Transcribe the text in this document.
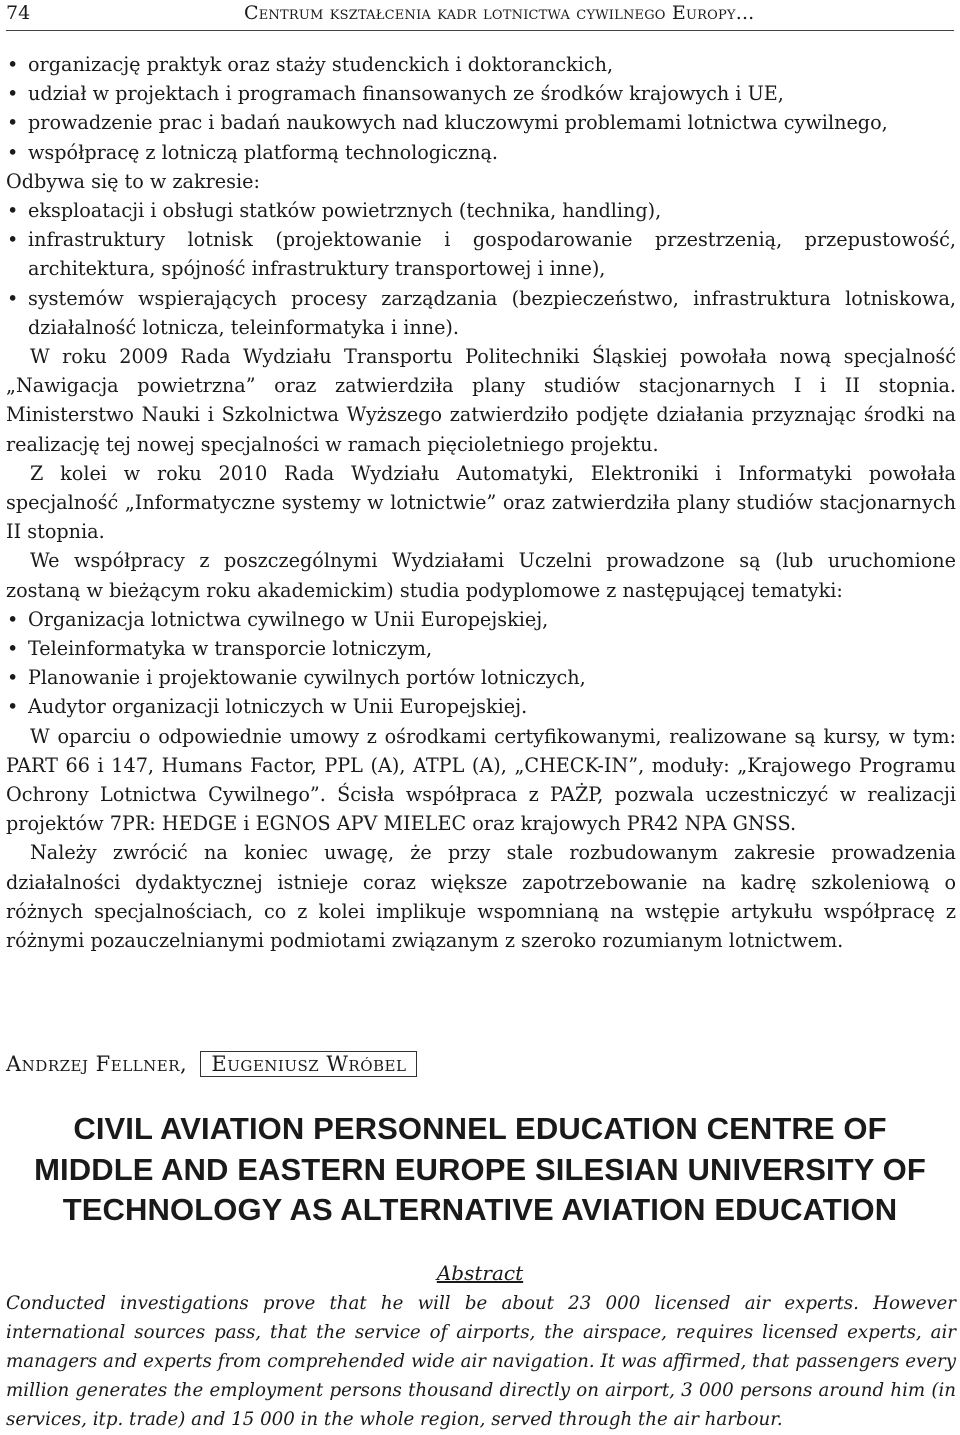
74	Centrum kształcenia kadr lotnictwa cywilnego Europy...
• organizację praktyk oraz staży studenckich i doktoranckich,
• udział w projektach i programach finansowanych ze środków krajowych i UE,
• prowadzenie prac i badań naukowych nad kluczowymi problemami lotnictwa cywilnego,
• współpracę z lotniczą platformą technologiczną.

Odbywa się to w zakresie:

• eksploatacji i obsługi statków powietrznych (technika, handling),
• infrastruktury lotnisk (projektowanie i gospodarowanie przestrzenią, przepustowość, architektura, spójność infrastruktury transportowej i inne),
• systemów wspierających procesy zarządzania (bezpieczeństwo, infrastruktura lotniskowa, działalność lotnicza, teleinformatyka i inne).

W roku 2009 Rada Wydziału Transportu Politechniki Śląskiej powołała nową specjalność „Nawigacja powietrzna” oraz zatwierdziła plany studiów stacjonarnych I i II stopnia. Ministerstwo Nauki i Szkolnictwa Wyższego zatwierdziło podjęte działania przyznając środki na realizację tej nowej specjalności w ramach pięcioletniego projektu.

Z kolei w roku 2010 Rada Wydziału Automatyki, Elektroniki i Informatyki powołała specjalność „Informatyczne systemy w lotnictwie” oraz zatwierdziła plany studiów stacjonarnych II stopnia.

We współpracy z poszczególnymi Wydziałami Uczelni prowadzone są (lub uruchomione zostaną w bieżącym roku akademickim) studia podyplomowe z następującej tematyki:

• Organizacja lotnictwa cywilnego w Unii Europejskiej,
• Teleinformatyka w transporcie lotniczym,
• Planowanie i projektowanie cywilnych portów lotniczych,
• Audytor organizacji lotniczych w Unii Europejskiej.

W oparciu o odpowiednie umowy z ośrodkami certyfikowanymi, realizowane są kursy, w tym: PART 66 i 147, Humans Factor, PPL (A), ATPL (A), „CHECK-IN”, moduły: „Krajowego Programu Ochrony Lotnictwa Cywilnego”. Ścisła współpraca z PAŻP, pozwala uczestniczyć w realizacji projektów 7PR: HEDGE i EGNOS APV MIELEC oraz krajowych PR42 NPA GNSS.

Należy zwrócić na koniec uwagę, że przy stale rozbudowanym zakresie prowadzenia działalności dydaktycznej istnieje coraz większe zapotrzebowanie na kadrę szkoleniową o różnych specjalnościach, co z kolei implikuje wspomnianą na wstępie artykułu współpracę z różnymi pozauczelnianymi podmiotami związanym z szeroko rozumianym lotnictwem.

Andrzej Fellner, Eugeniusz Wróbel
CIVIL AVIATION PERSONNEL EDUCATION CENTRE OF
MIDDLE AND EASTERN EUROPE SILESIAN UNIVERSITY OF
TECHNOLOGY AS ALTERNATIVE AVIATION EDUCATION
Abstract

Conducted investigations prove that he will be about 23 000 licensed air experts. However international sources pass, that the service of airports, the airspace, requires licensed experts, air managers and experts from comprehended wide air navigation. It was affirmed, that passengers every million generates the employment persons thousand directly on airport, 3 000 persons around him (in services, itp. trade) and 15 000 in the whole region, served through the air harbour.
